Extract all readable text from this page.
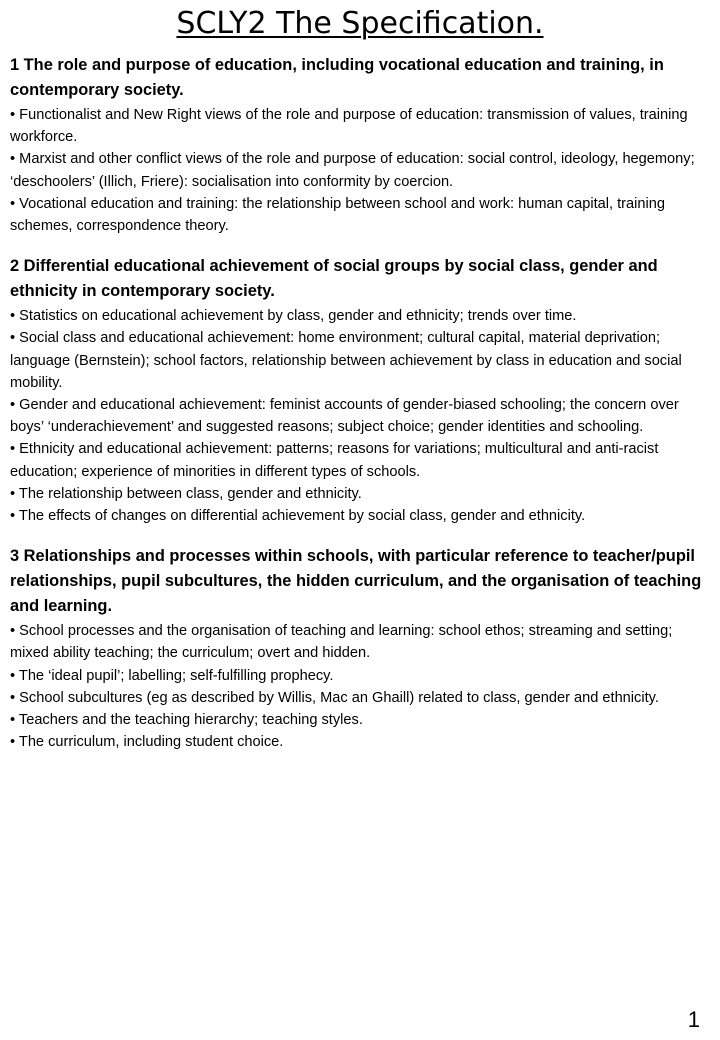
SCLY2 The Specification.
1 The role and purpose of education, including vocational education and training, in contemporary society.
• Functionalist and New Right views of the role and purpose of education: transmission of values, training workforce.
• Marxist and other conflict views of the role and purpose of education: social control, ideology, hegemony; ‘deschoolers’ (Illich, Friere): socialisation into conformity by coercion.
• Vocational education and training: the relationship between school and work: human capital, training schemes, correspondence theory.
2 Differential educational achievement of social groups by social class, gender and ethnicity in contemporary society.
• Statistics on educational achievement by class, gender and ethnicity; trends over time.
• Social class and educational achievement: home environment; cultural capital, material deprivation; language (Bernstein); school factors, relationship between achievement by class in education and social mobility.
• Gender and educational achievement: feminist accounts of gender-biased schooling; the concern over boys’ ‘underachievement’ and suggested reasons; subject choice; gender identities and schooling.
• Ethnicity and educational achievement: patterns; reasons for variations; multicultural and anti-racist education; experience of minorities in different types of schools.
• The relationship between class, gender and ethnicity.
• The effects of changes on differential achievement by social class, gender and ethnicity.
3 Relationships and processes within schools, with particular reference to teacher/pupil relationships, pupil subcultures, the hidden curriculum, and the organisation of teaching and learning.
• School processes and the organisation of teaching and learning: school ethos; streaming and setting; mixed ability teaching; the curriculum; overt and hidden.
• The ‘ideal pupil’; labelling; self-fulfilling prophecy.
• School subcultures (eg as described by Willis, Mac an Ghaill) related to class, gender and ethnicity.
• Teachers and the teaching hierarchy; teaching styles.
• The curriculum, including student choice.
1
